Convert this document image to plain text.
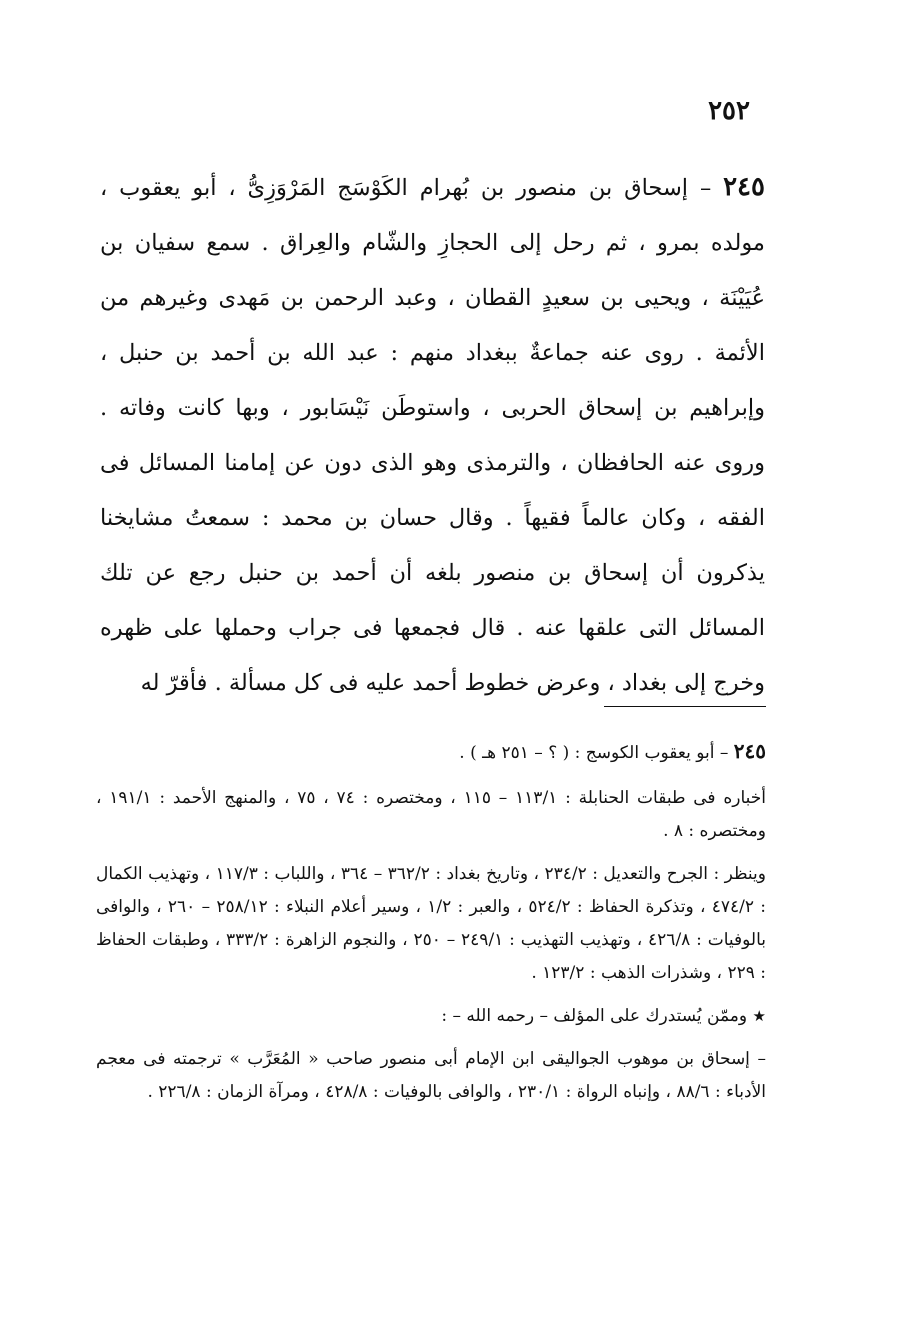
٢٥٢
٢٤٥ – إسحاق بن منصور بن بُهرام الكَوْسَج المَرْوَزِىُّ ، أبو يعقوب ، مولده بمرو ، ثم رحل إلى الحجازِ والشّام والعِراق . سمع سفيان بن عُيَيْنَة ، ويحيى بن سعيدٍ القطان ، وعبد الرحمن بن مَهدى وغيرهم من الأئمة . روى عنه جماعةٌ ببغداد منهم : عبد الله بن أحمد بن حنبل ، وإبراهيم بن إسحاق الحربى ، واستوطَن نَيْسَابور ، وبها كانت وفاته . وروى عنه الحافظان ، والترمذى وهو الذى دون عن إمامنا المسائل فى الفقه ، وكان عالماً فقيهاً . وقال حسان بن محمد : سمعتُ مشايخنا يذكرون أن إسحاق بن منصور بلغه أن أحمد بن حنبل رجع عن تلك المسائل التى علقها عنه . قال فجمعها فى جراب وحملها على ظهره وخرج إلى بغداد ، وعرض خطوط أحمد عليه فى كل مسألة . فأقرّ له

٢٤٥ – أبو يعقوب الكوسج : ( ؟ – ٢٥١ هـ ) .

أخباره فى طبقات الحنابلة : ١١٣/١ – ١١٥ ، ومختصره : ٧٤ ، ٧٥ ، والمنهج الأحمد : ١٩١/١ ، ومختصره : ٨ .

وينظر : الجرح والتعديل : ٢٣٤/٢ ، وتاريخ بغداد : ٣٦٢/٢ – ٣٦٤ ، واللباب : ١١٧/٣ ، وتهذيب الكمال : ٤٧٤/٢ ، وتذكرة الحفاظ : ٥٢٤/٢ ، والعبر : ١/٢ ، وسير أعلام النبلاء : ٢٥٨/١٢ – ٢٦٠ ، والوافى بالوفيات : ٤٢٦/٨ ، وتهذيب التهذيب : ٢٤٩/١ – ٢٥٠ ، والنجوم الزاهرة : ٣٣٣/٢ ، وطبقات الحفاظ : ٢٢٩ ، وشذرات الذهب : ١٢٣/٢ .

★ وممّن يُستدرك على المؤلف – رحمه الله – :

– إسحاق بن موهوب الجواليقى ابن الإمام أبى منصور صاحب « المُعَرَّب » ترجمته فى معجم الأدباء : ٨٨/٦ ، وإنباه الرواة : ٢٣٠/١ ، والوافى بالوفيات : ٤٢٨/٨ ، ومرآة الزمان : ٢٢٦/٨ .
